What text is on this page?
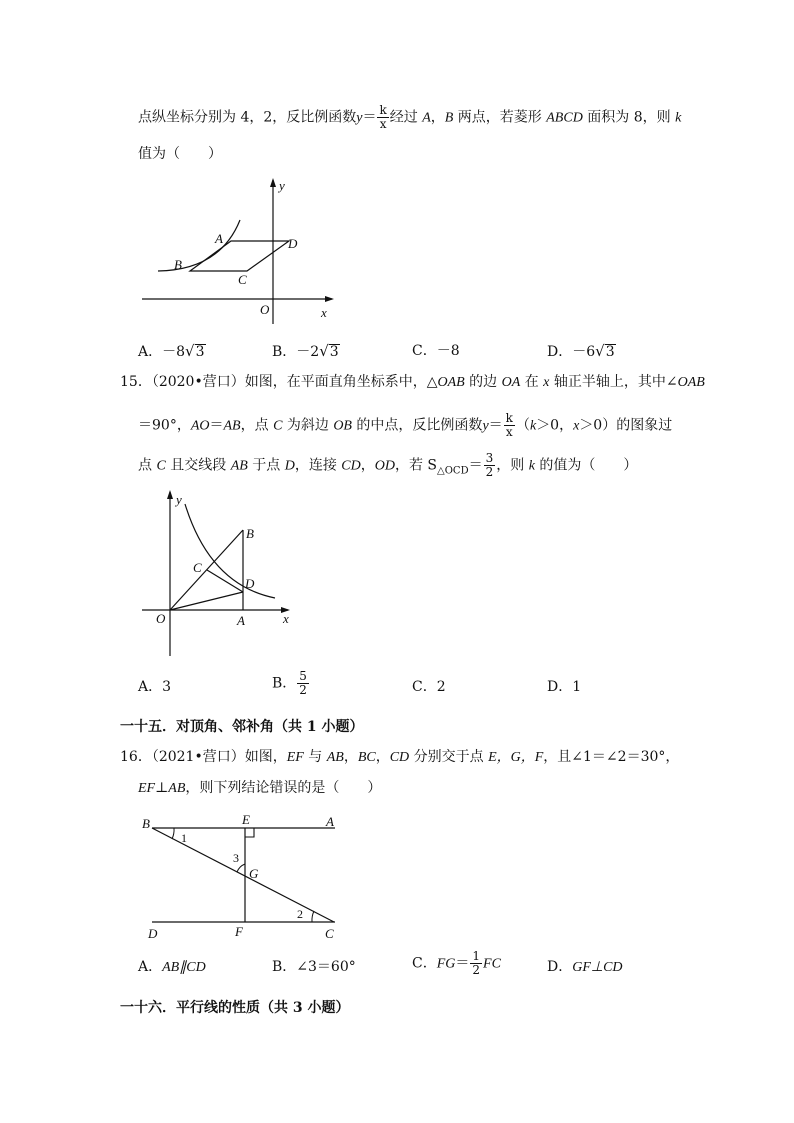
点纵坐标分别为 4，2，反比例函数$y= \frac{k}{x}$ 经过 A，B 两点，若菱形 ABCD 面积为 8，则 k
值为（　　）
y
x
A
B
C
D
O
A．－8√3	B．－2√3	C．－8	D．－6√3
15．（2020•营口）如图，在平面直角坐标系中，△OAB 的边 OA 在 x 轴正半轴上，其中∠OAB
＝90°，AO＝AB，点 C 为斜边 OB 的中点，反比例函数$y= \frac{k}{x} (k>0$，x＞0）的图象过
点 C 且交线段 AB 于点 D，连接 CD，OD，若 $S_{\triangle OCD}= \frac{3}{2}$ ，则 k 的值为（　　）
y
x
B
C
D
O	A
A．3	B． $\frac{5}{2}$	C．2	D．1
一十五．对顶角、邻补角（共 1 小题）
16．（2021•营口）如图，EF 与 AB，BC，CD 分别交于点 E，G，F，且∠1＝∠2＝30°，
EF⊥AB，则下列结论错误的是（　　）
B	E	A
1
3
G
2
D	F	C
A．AB∥CD	B．∠3＝60°	C．$FG= \frac{1}{2}$ FC	D．GF⊥CD
一十六．平行线的性质（共 3 小题）
